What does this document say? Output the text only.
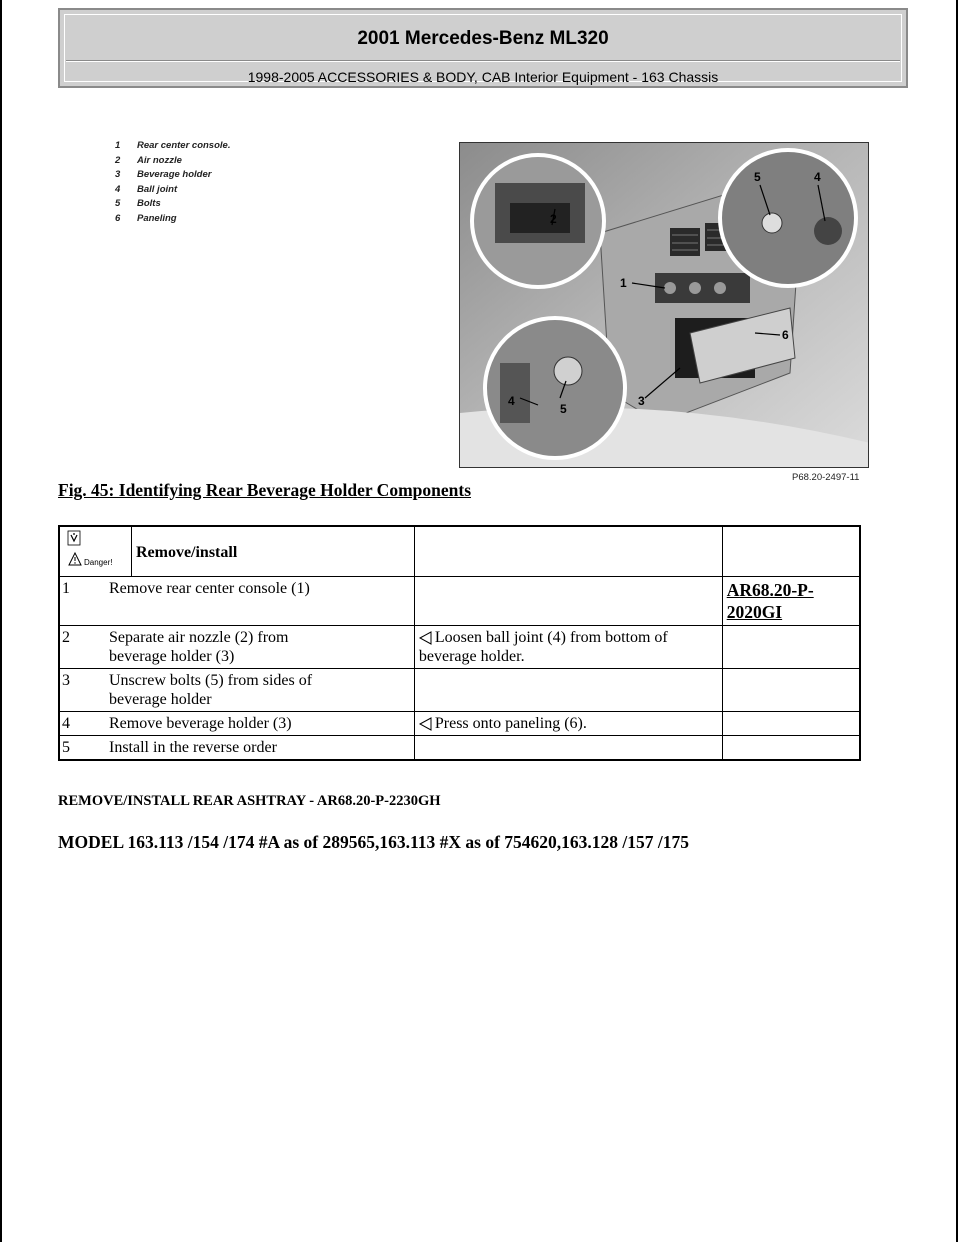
2001 Mercedes-Benz ML320
1998-2005 ACCESSORIES & BODY, CAB Interior Equipment - 163 Chassis
1	Rear center console.
2	Air nozzle
3	Beverage holder
4	Ball joint
5	Bolts
6	Paneling	2
1
5	4
6
3
4
5
P68.20-2497-11
Fig. 45: Identifying Rear Beverage Holder Components
Danger!	Remove/install		

1 Remove rear center console (1)			AR68.20-P-2020GI

2 Separate air nozzle (2) from beverage holder (3)		Loosen ball joint (4) from bottom of beverage holder.	

3 Unscrew bolts (5) from sides of beverage holder			

4 Remove beverage holder (3)		Press onto paneling (6).	
5 Install in the reverse order			
REMOVE/INSTALL REAR ASHTRAY - AR68.20-P-2230GH
MODEL 163.113 /154 /174 #A as of 289565,163.113 #X as of 754620,163.128 /157 /175
